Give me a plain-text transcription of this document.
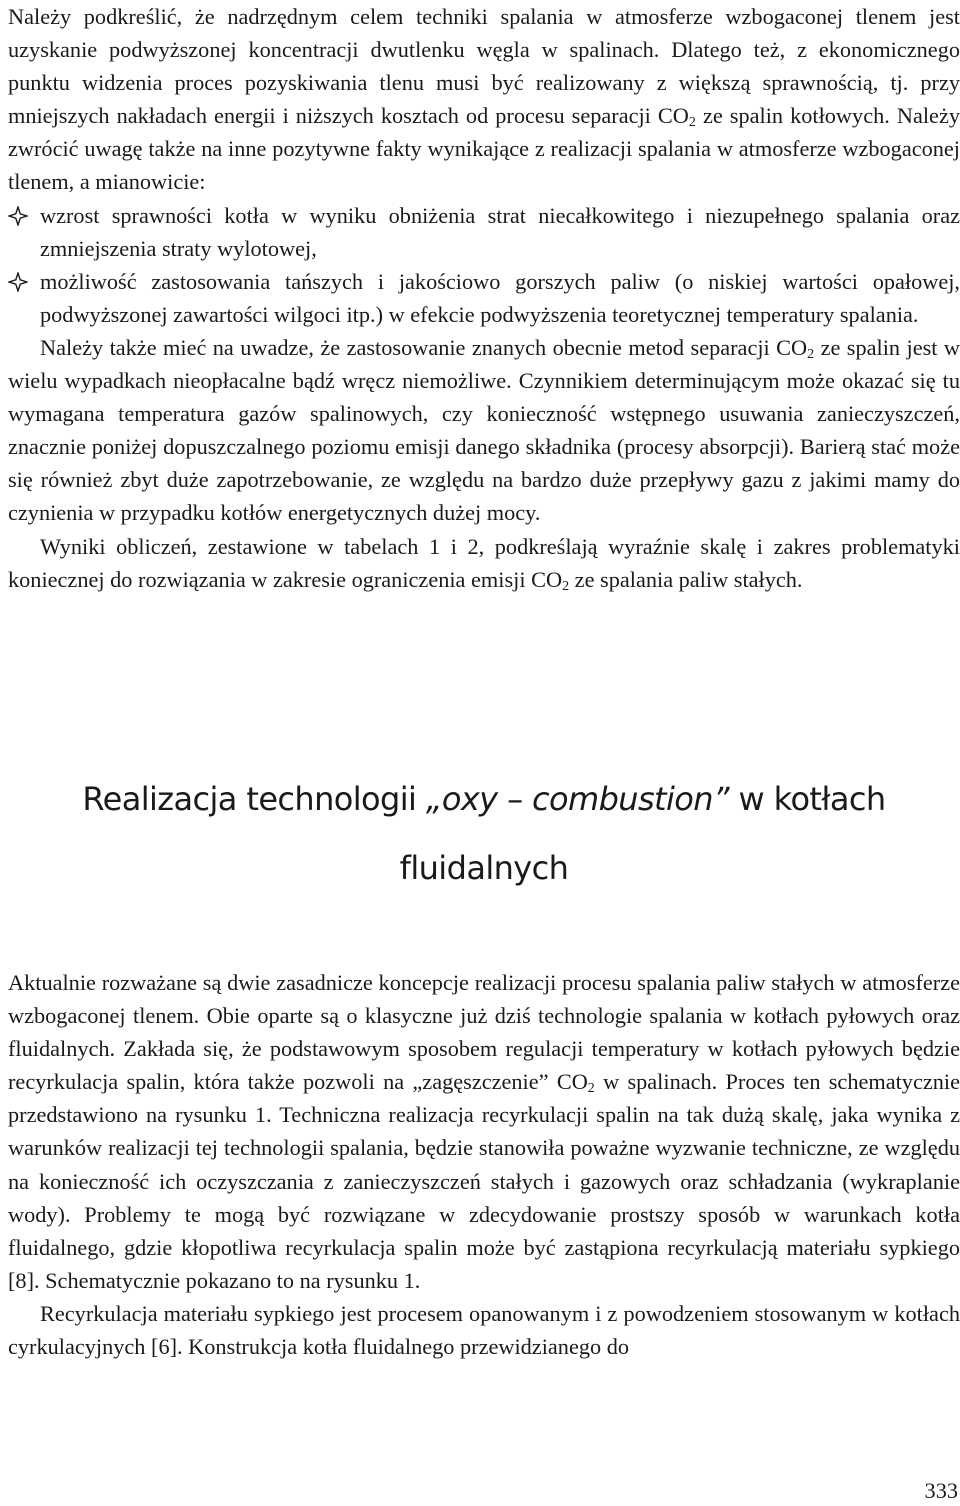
Należy podkreślić, że nadrzędnym celem techniki spalania w atmosferze wzbogaconej tlenem jest uzyskanie podwyższonej koncentracji dwutlenku węgla w spalinach. Dlatego też, z ekonomicznego punktu widzenia proces pozyskiwania tlenu musi być realizowany z większą sprawnością, tj. przy mniejszych nakładach energii i niższych kosztach od procesu separacji $CO_2$ ze spalin kotłowych. Należy zwrócić uwagę także na inne pozytywne fakty wynikające z realizacji spalania w atmosferze wzbogaconej tlenem, a mianowicie:

wzrost sprawności kotła w wyniku obniżenia strat niecałkowitego i niezupełnego spalania oraz zmniejszenia straty wylotowej,
możliwość zastosowania tańszych i jakościowo gorszych paliw (o niskiej wartości opałowej, podwyższonej zawartości wilgoci itp.) w efekcie podwyższenia teoretycznej temperatury spalania.

Należy także mieć na uwadze, że zastosowanie znanych obecnie metod separacji $CO_2$ ze spalin jest w wielu wypadkach nieopłacalne bądź wręcz niemożliwe. Czynnikiem determinującym może okazać się tu wymagana temperatura gazów spalinowych, czy konieczność wstępnego usuwania zanieczyszczeń, znacznie poniżej dopuszczalnego poziomu emisji danego składnika (procesy absorpcji). Barierą stać może się również zbyt duże zapotrzebowanie, ze względu na bardzo duże przepływy gazu z jakimi mamy do czynienia w przypadku kotłów energetycznych dużej mocy.

Wyniki obliczeń, zestawione w tabelach 1 i 2, podkreślają wyraźnie skalę i zakres problematyki koniecznej do rozwiązania w zakresie ograniczenia emisji $CO_2$ ze spalania paliw stałych.

Realizacja technologii „oxy – combustion” w kotłach fluidalnych

Aktualnie rozważane są dwie zasadnicze koncepcje realizacji procesu spalania paliw stałych w atmosferze wzbogaconej tlenem. Obie oparte są o klasyczne już dziś technologie spalania w kotłach pyłowych oraz fluidalnych. Zakłada się, że podstawowym sposobem regulacji temperatury w kotłach pyłowych będzie recyrkulacja spalin, która także pozwoli na „zagęszczenie” $CO_2$ w spalinach. Proces ten schematycznie przedstawiono na rysunku 1. Techniczna realizacja recyrkulacji spalin na tak dużą skalę, jaka wynika z warunków realizacji tej technologii spalania, będzie stanowiła poważne wyzwanie techniczne, ze względu na konieczność ich oczyszczania z zanieczyszczeń stałych i gazowych oraz schładzania (wykraplanie wody). Problemy te mogą być rozwiązane w zdecydowanie prostszy sposób w warunkach kotła fluidalnego, gdzie kłopotliwa recyrkulacja spalin może być zastąpiona recyrkulacją materiału sypkiego [8]. Schematycznie pokazano to na rysunku 1.

Recyrkulacja materiału sypkiego jest procesem opanowanym i z powodzeniem stosowanym w kotłach cyrkulacyjnych [6]. Konstrukcja kotła fluidalnego przewidzianego do

333
